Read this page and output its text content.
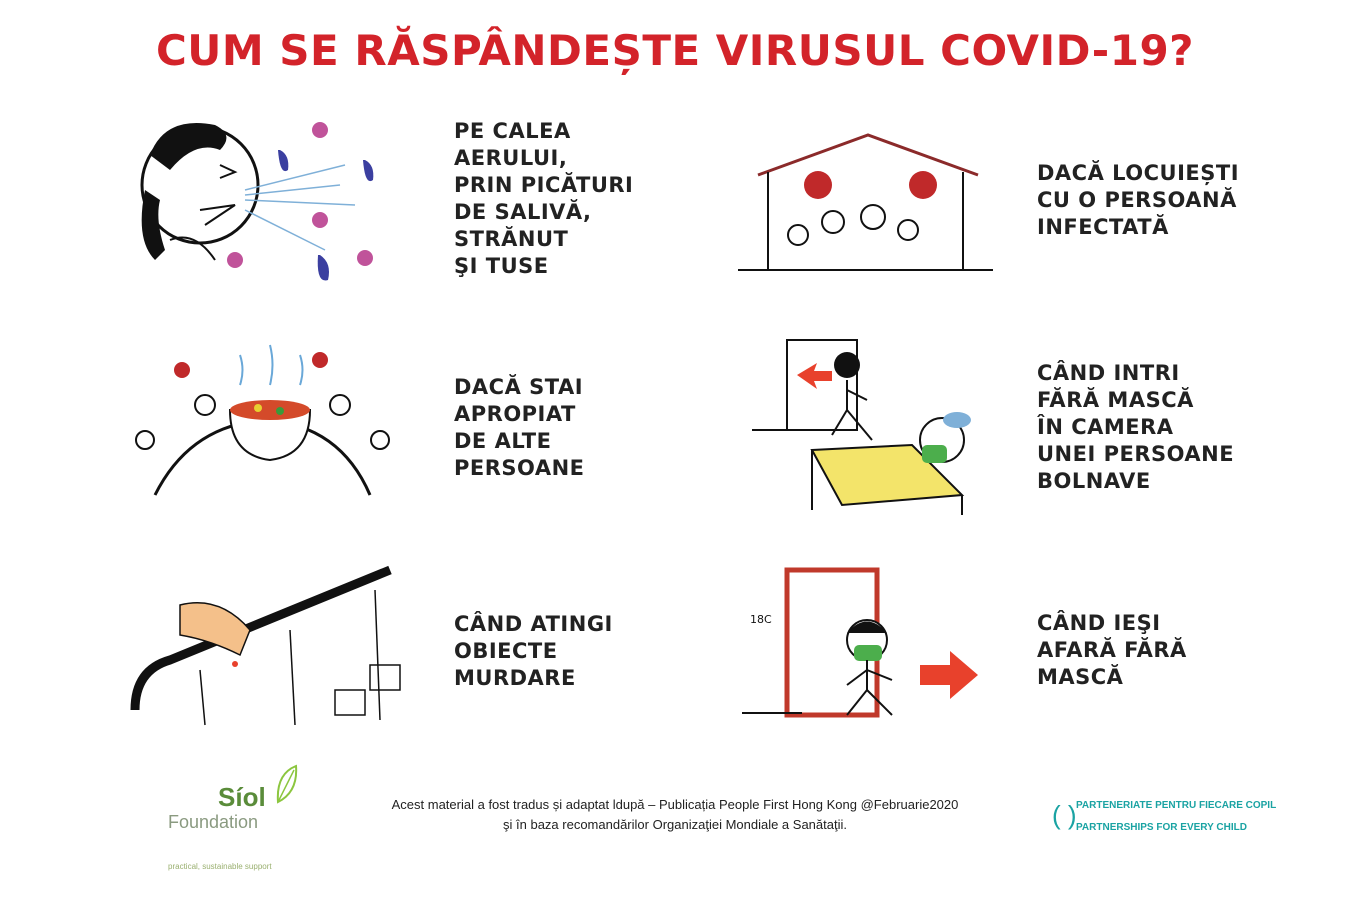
CUM SE RĂSPÂNDEȘTE VIRUSUL COVID-19?
PE CALEA
AERULUI,
PRIN PICĂTURI
DE SALIVĂ,
STRĂNUT
ŞI TUSE
DACĂ LOCUIEȘTI
CU O PERSOANĂ
INFECTATĂ
DACĂ STAI
APROPIAT
DE ALTE
PERSOANE
CÂND INTRI
FĂRĂ MASCĂ
ÎN CAMERA
UNEI PERSOANE
BOLNAVE
CÂND ATINGI
OBIECTE
MURDARE
18C	CÂND IEŞI
AFARĂ FĂRĂ
MASCĂ
Síol
Foundation
practical, sustainable support
Acest material a fost tradus și adaptat ldupă – Publicația People First Hong Kong @Februarie2020
şi în baza recomandărilor Organizaţiei Mondiale a Sanătaţii.	( ) PARTENERIATE PENTRU FIECARE COPIL
PARTNERSHIPS FOR EVERY CHILD
